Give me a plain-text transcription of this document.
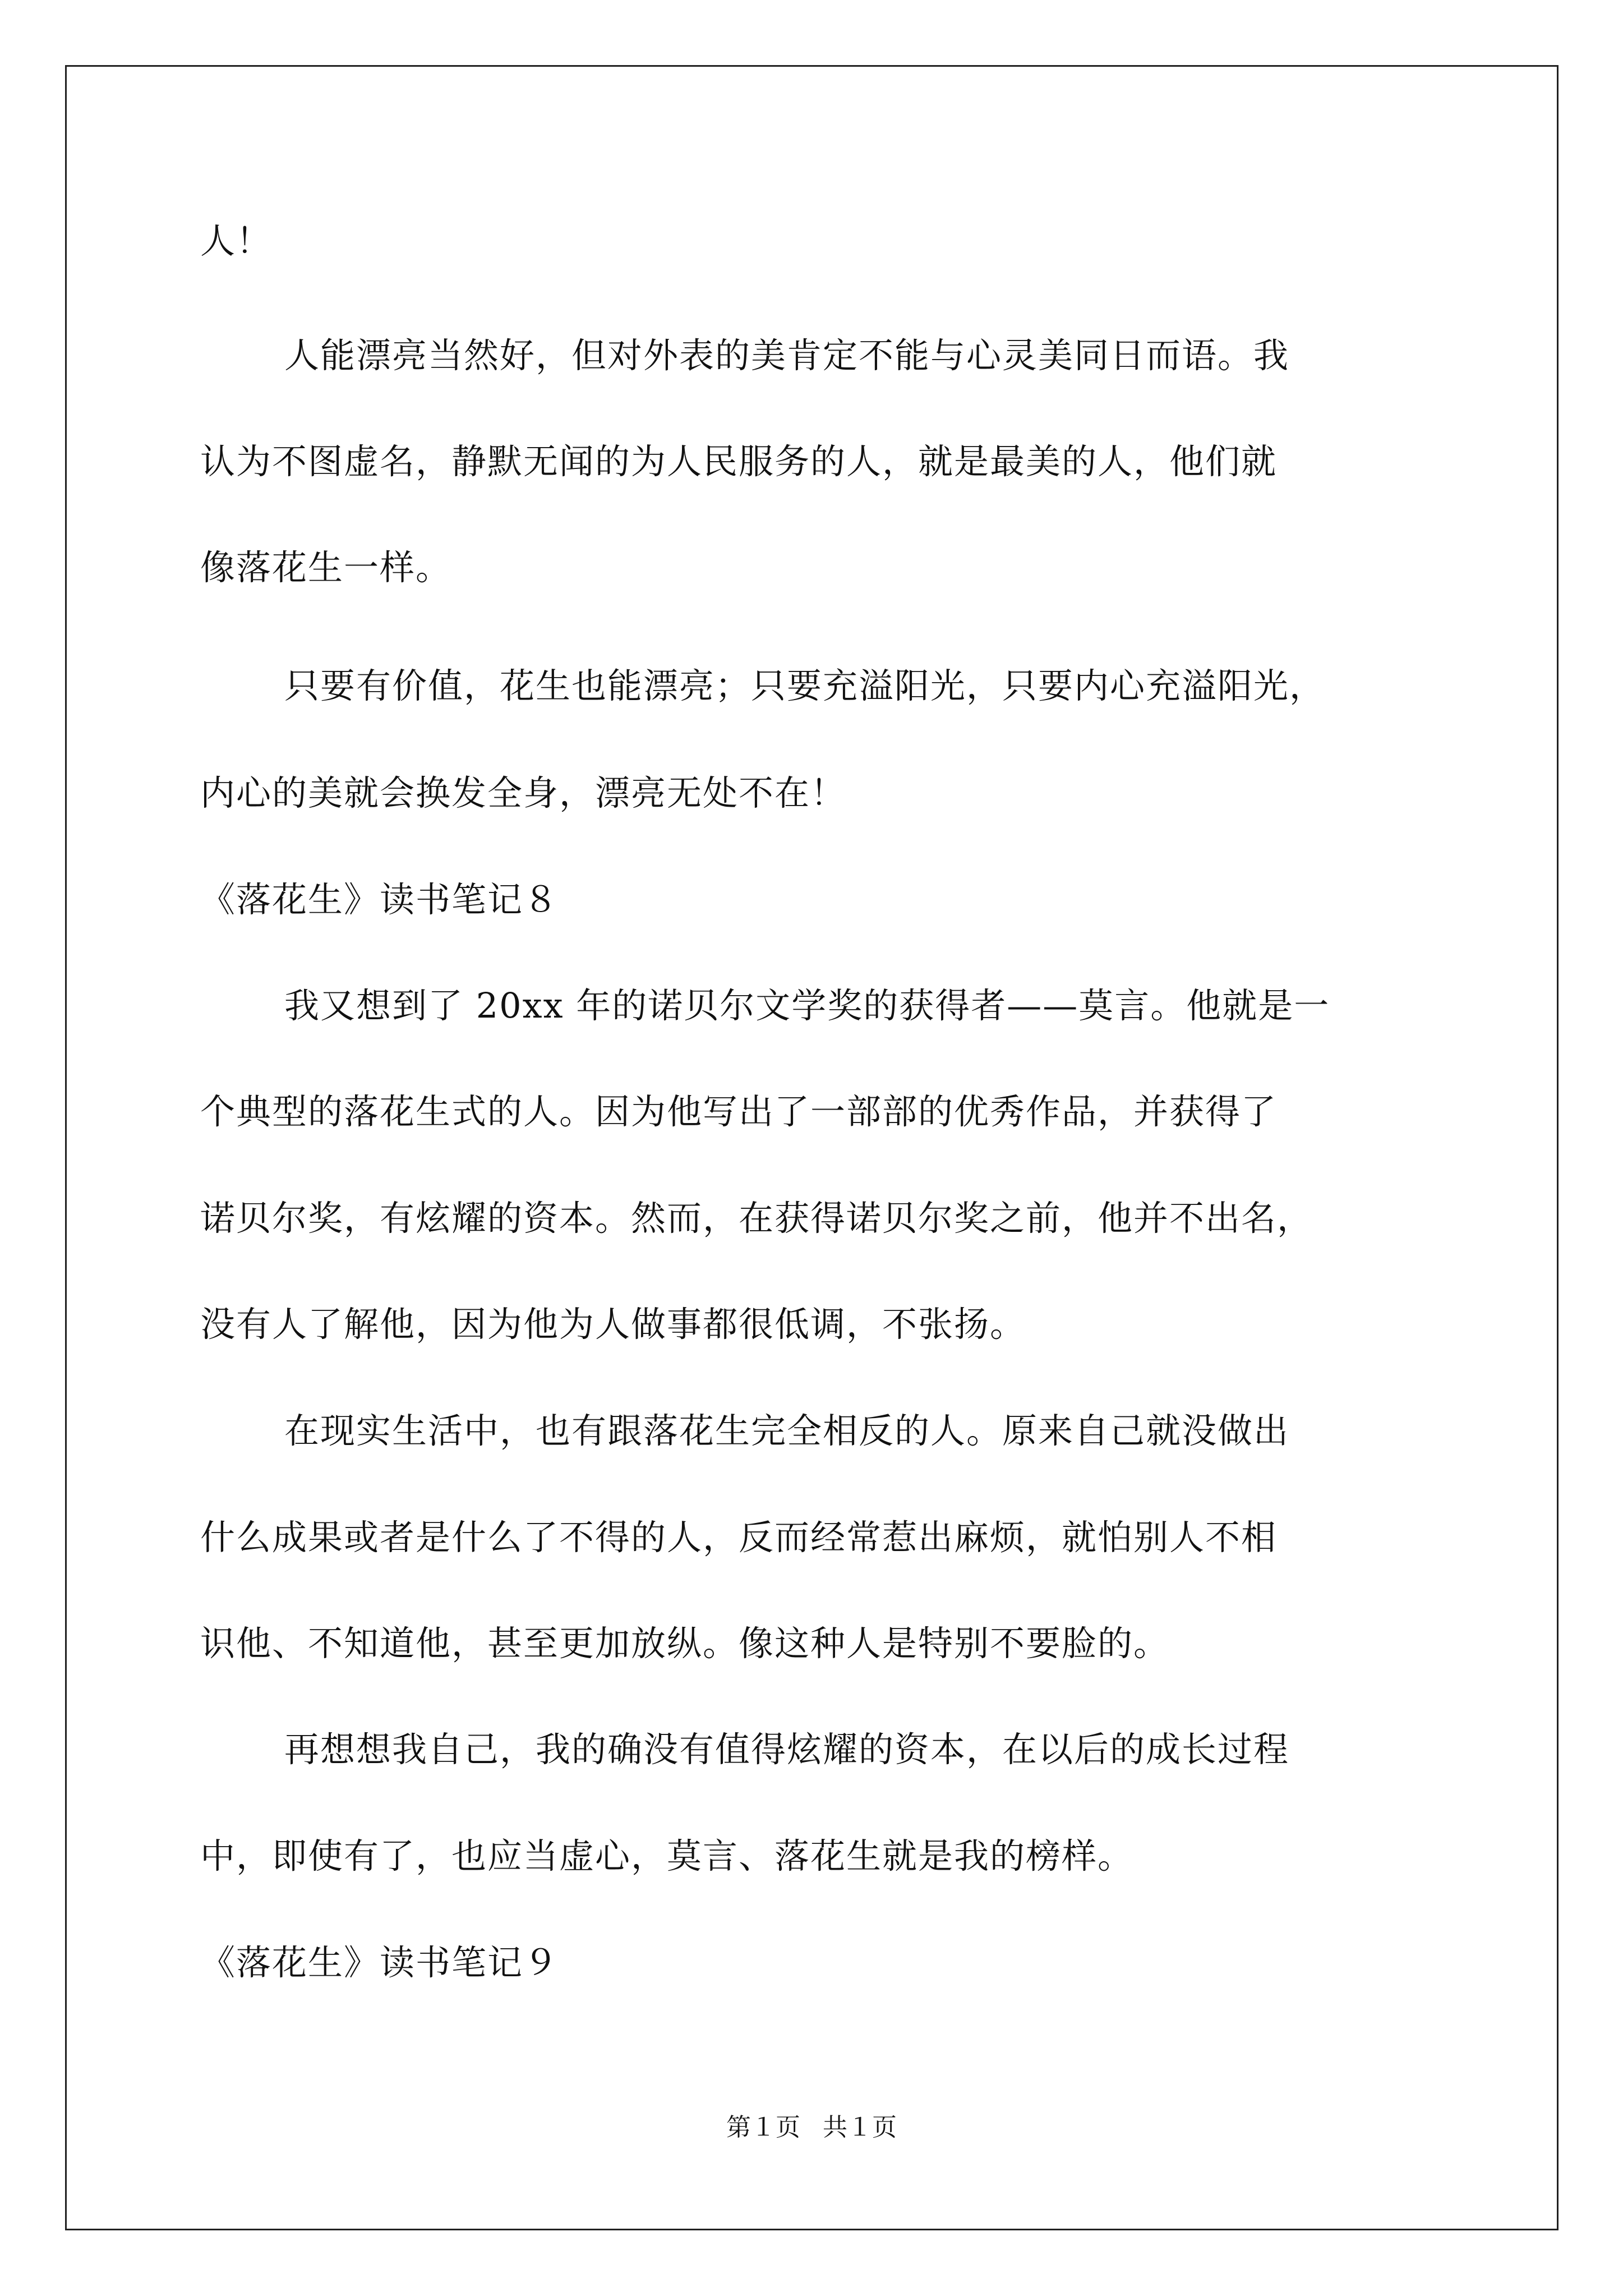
人！
人能漂亮当然好，但对外表的美肯定不能与心灵美同日而语。我
认为不图虚名，静默无闻的为人民服务的人，就是最美的人，他们就
像落花生一样。
只要有价值，花生也能漂亮；只要充溢阳光，只要内心充溢阳光，
内心的美就会换发全身，漂亮无处不在！
《落花生》读书笔记８
我又想到了 20xx 年的诺贝尔文学奖的获得者——莫言。他就是一
个典型的落花生式的人。因为他写出了一部部的优秀作品，并获得了
诺贝尔奖，有炫耀的资本。然而，在获得诺贝尔奖之前，他并不出名，
没有人了解他，因为他为人做事都很低调，不张扬。
在现实生活中，也有跟落花生完全相反的人。原来自己就没做出
什么成果或者是什么了不得的人，反而经常惹出麻烦，就怕别人不相
识他、不知道他，甚至更加放纵。像这种人是特别不要脸的。
再想想我自己，我的确没有值得炫耀的资本，在以后的成长过程
中，即使有了，也应当虚心，莫言、落花生就是我的榜样。
《落花生》读书笔记９
第１页 共１页
